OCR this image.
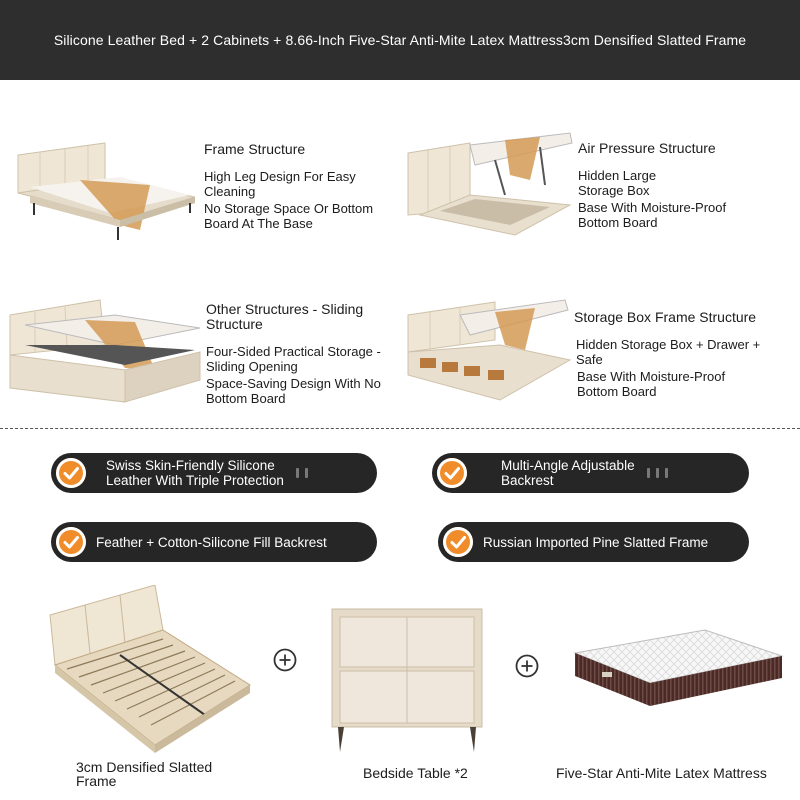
Silicone Leather Bed + 2 Cabinets + 8.66-Inch Five-Star Anti-Mite Latex Mattress3cm Densified Slatted Frame
Frame Structure
High Leg Design For Easy Cleaning
No Storage Space Or Bottom Board At The Base
Air Pressure Structure
Hidden Large Storage Box
Base With Moisture-Proof Bottom Board
Other Structures - Sliding Structure
Four-Sided Practical Storage - Sliding Opening
Space-Saving Design With No Bottom Board
Storage Box Frame Structure
Hidden Storage Box + Drawer + Safe
Base With Moisture-Proof Bottom Board
Swiss Skin-Friendly Silicone
Leather With Triple Protection
Multi-Angle Adjustable
Backrest
Feather + Cotton-Silicone Fill Backrest	Russian Imported Pine Slatted Frame
3cm Densified Slatted Frame	Bedside Table *2	Five-Star Anti-Mite Latex Mattress
